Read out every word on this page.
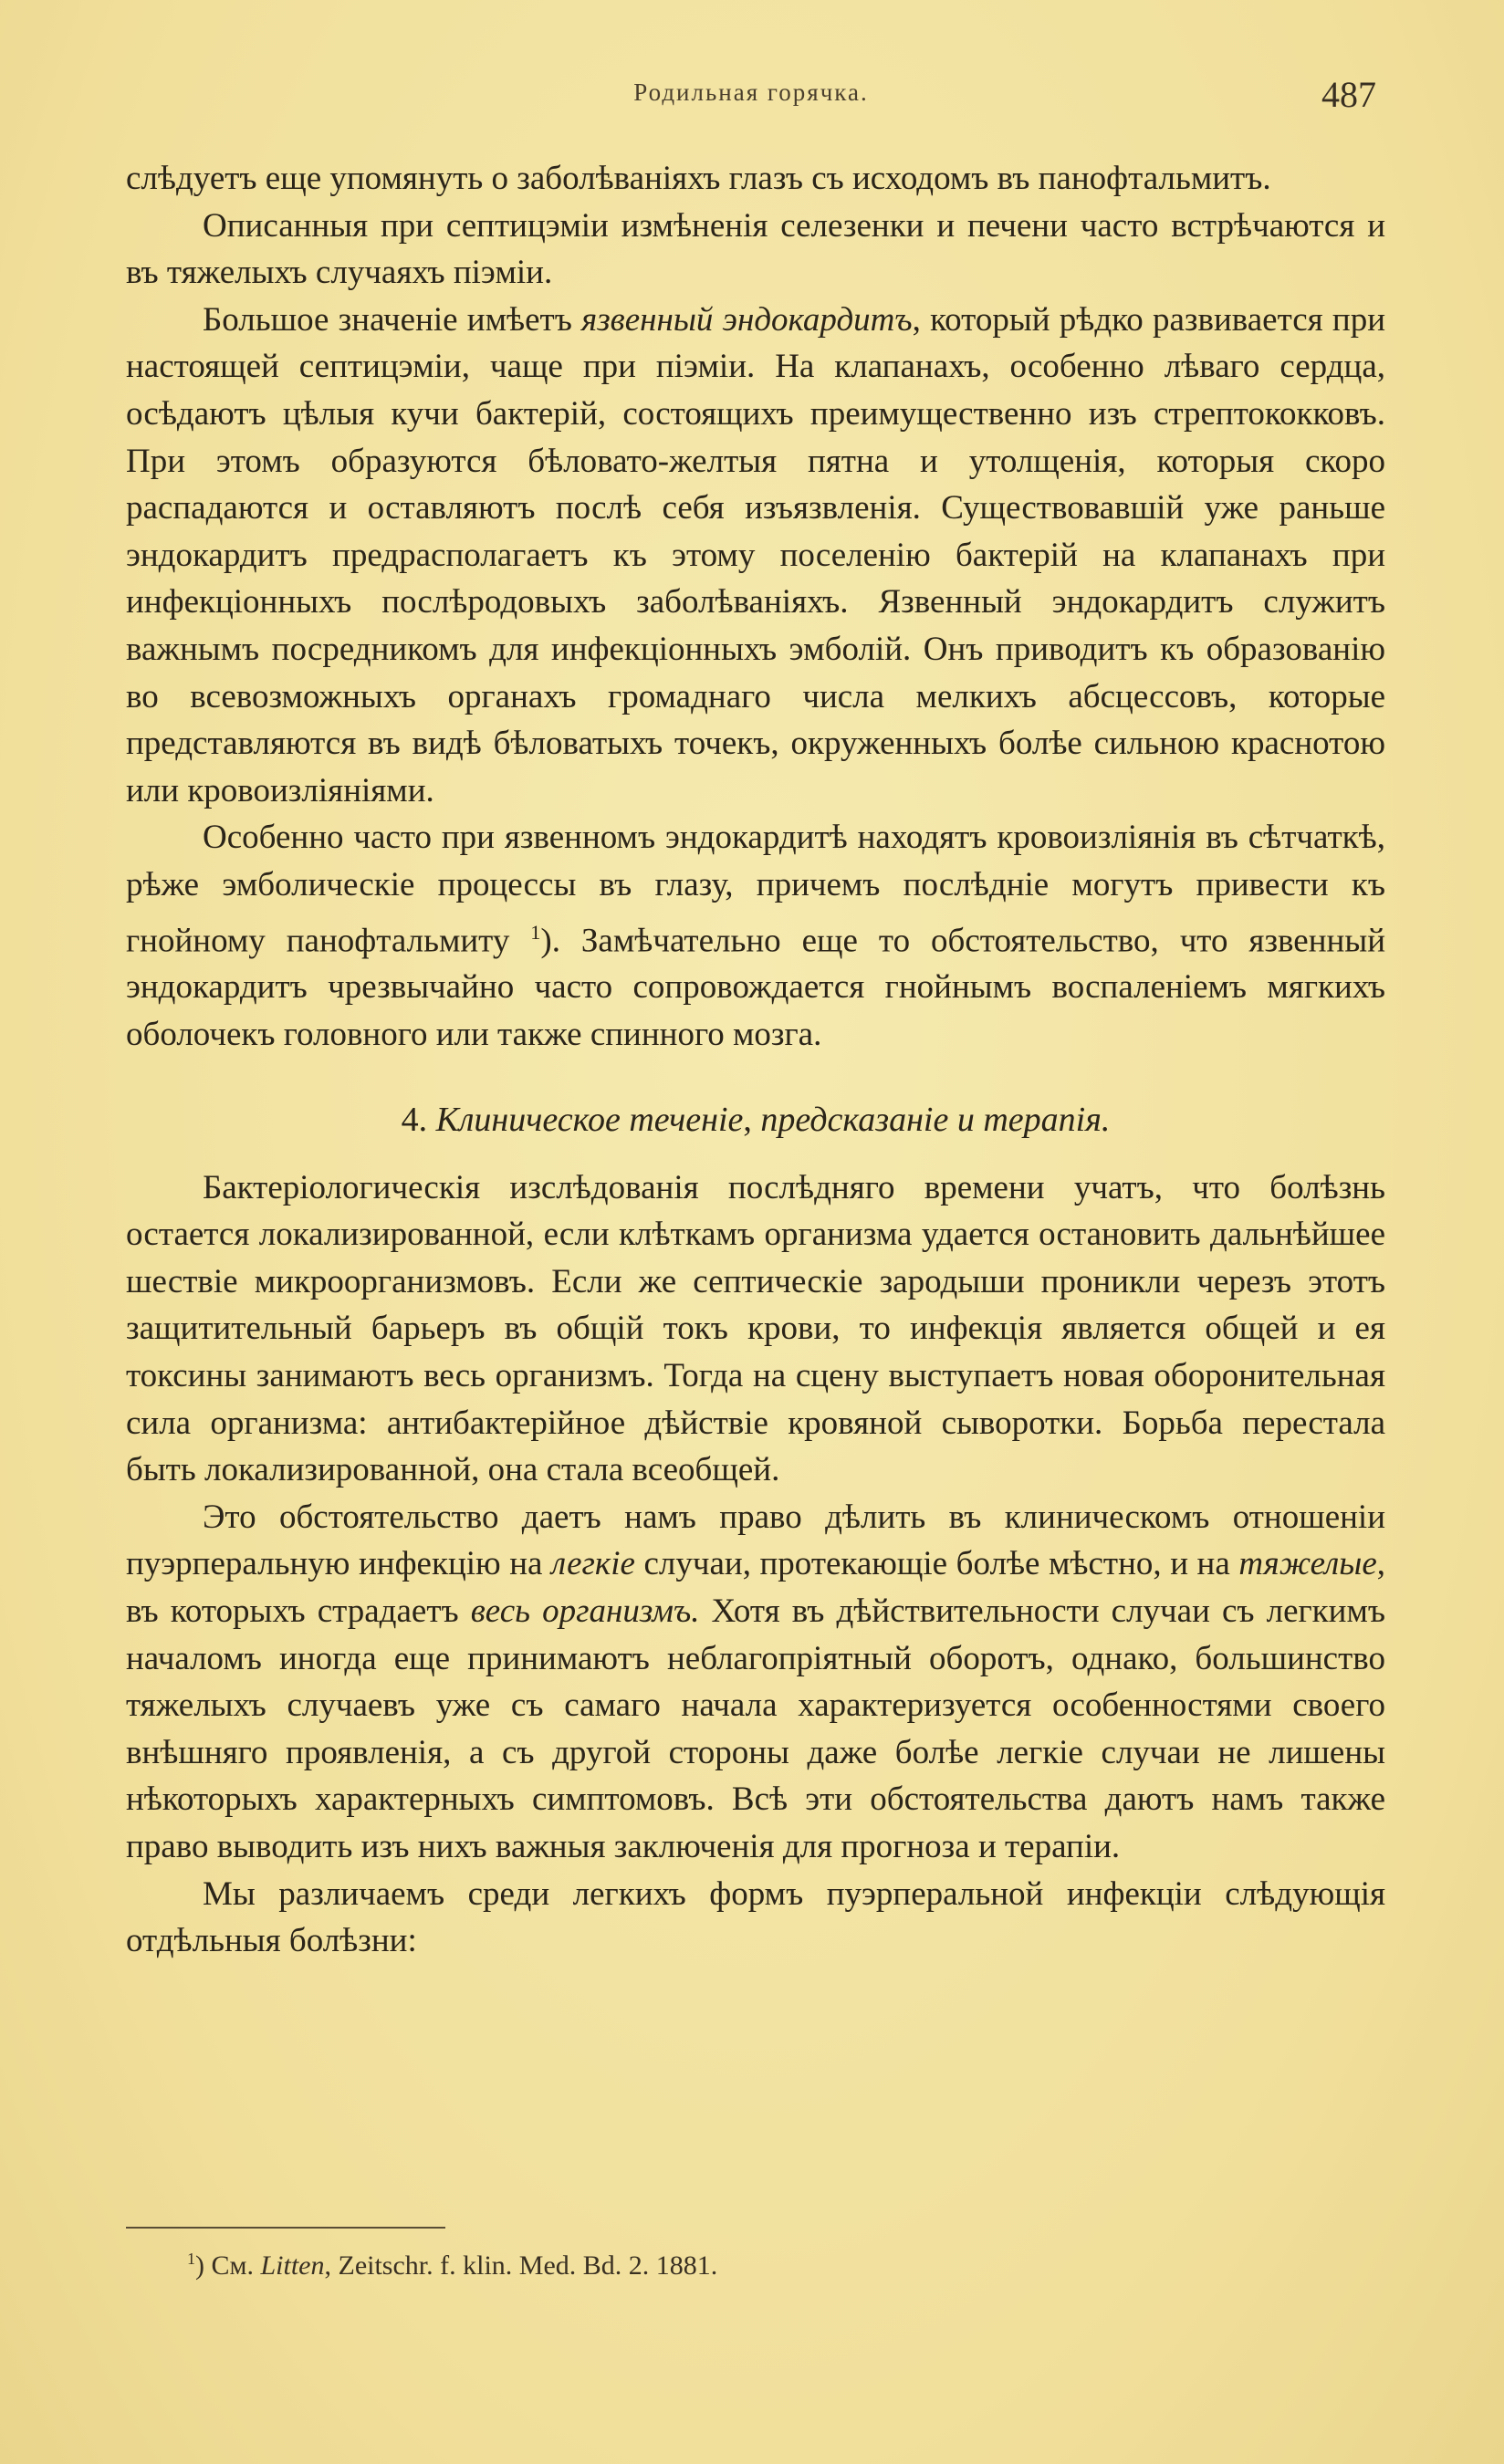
Родильная горячка.	487

слѣдуетъ еще упомянуть о заболѣваніяхъ глазъ съ исходомъ въ панофтальмитъ.

Описанныя при септицэміи измѣненія селезенки и печени часто встрѣчаются и въ тяжелыхъ случаяхъ піэміи.

Большое значеніе имѣетъ язвенный эндокардитъ, который рѣдко развивается при настоящей септицэміи, чаще при піэміи. На клапанахъ, особенно лѣваго сердца, осѣдаютъ цѣлыя кучи бактерій, состоящихъ преимущественно изъ стрептококковъ. При этомъ образуются бѣловато-желтыя пятна и утолщенія, которыя скоро распадаются и оставляютъ послѣ себя изъязвленія. Существовавшій уже раньше эндокардитъ предрасполагаетъ къ этому поселенію бактерій на клапанахъ при инфекціонныхъ послѣродовыхъ заболѣваніяхъ. Язвенный эндокардитъ служитъ важнымъ посредникомъ для инфекціонныхъ эмболій. Онъ приводитъ къ образованію во всевозможныхъ органахъ громаднаго числа мелкихъ абсцессовъ, которые представляются въ видѣ бѣловатыхъ точекъ, окруженныхъ болѣе сильною краснотою или кровоизліяніями.

Особенно часто при язвенномъ эндокардитѣ находятъ кровоизліянія въ сѣтчаткѣ, рѣже эмболическіе процессы въ глазу, причемъ послѣдніе могутъ привести къ гнойному панофтальмиту $^1$). Замѣчательно еще то обстоятельство, что язвенный эндокардитъ чрезвычайно часто сопровождается гнойнымъ воспаленіемъ мягкихъ оболочекъ головного или также спинного мозга.

4. Клиническое теченіе, предсказаніе и терапія.

Бактеріологическія изслѣдованія послѣдняго времени учатъ, что болѣзнь остается локализированной, если клѣткамъ организма удается остановить дальнѣйшее шествіе микроорганизмовъ. Если же септическіе зародыши проникли черезъ этотъ защитительный барьеръ въ общій токъ крови, то инфекція является общей и ея токсины занимаютъ весь организмъ. Тогда на сцену выступаетъ новая оборонительная сила организма: антибактерійное дѣйствіе кровяной сыворотки. Борьба перестала быть локализированной, она стала всеобщей.

Это обстоятельство даетъ намъ право дѣлить въ клиническомъ отношеніи пуэрперальную инфекцію на легкіе случаи, протекающіе болѣе мѣстно, и на тяжелые, въ которыхъ страдаетъ весь организмъ. Хотя въ дѣйствительности случаи съ легкимъ началомъ иногда еще принимаютъ неблагопріятный оборотъ, однако, большинство тяжелыхъ случаевъ уже съ самаго начала характеризуется особенностями своего внѣшняго проявленія, а съ другой стороны даже болѣе легкіе случаи не лишены нѣкоторыхъ характерныхъ симптомовъ. Всѣ эти обстоятельства даютъ намъ также право выводить изъ нихъ важныя заключенія для прогноза и терапіи.

Мы различаемъ среди легкихъ формъ пуэрперальной инфекціи слѣдующія отдѣльныя болѣзни:

$^1$) См. Litten, Zeitschr. f. klin. Med. Bd. 2. 1881.
